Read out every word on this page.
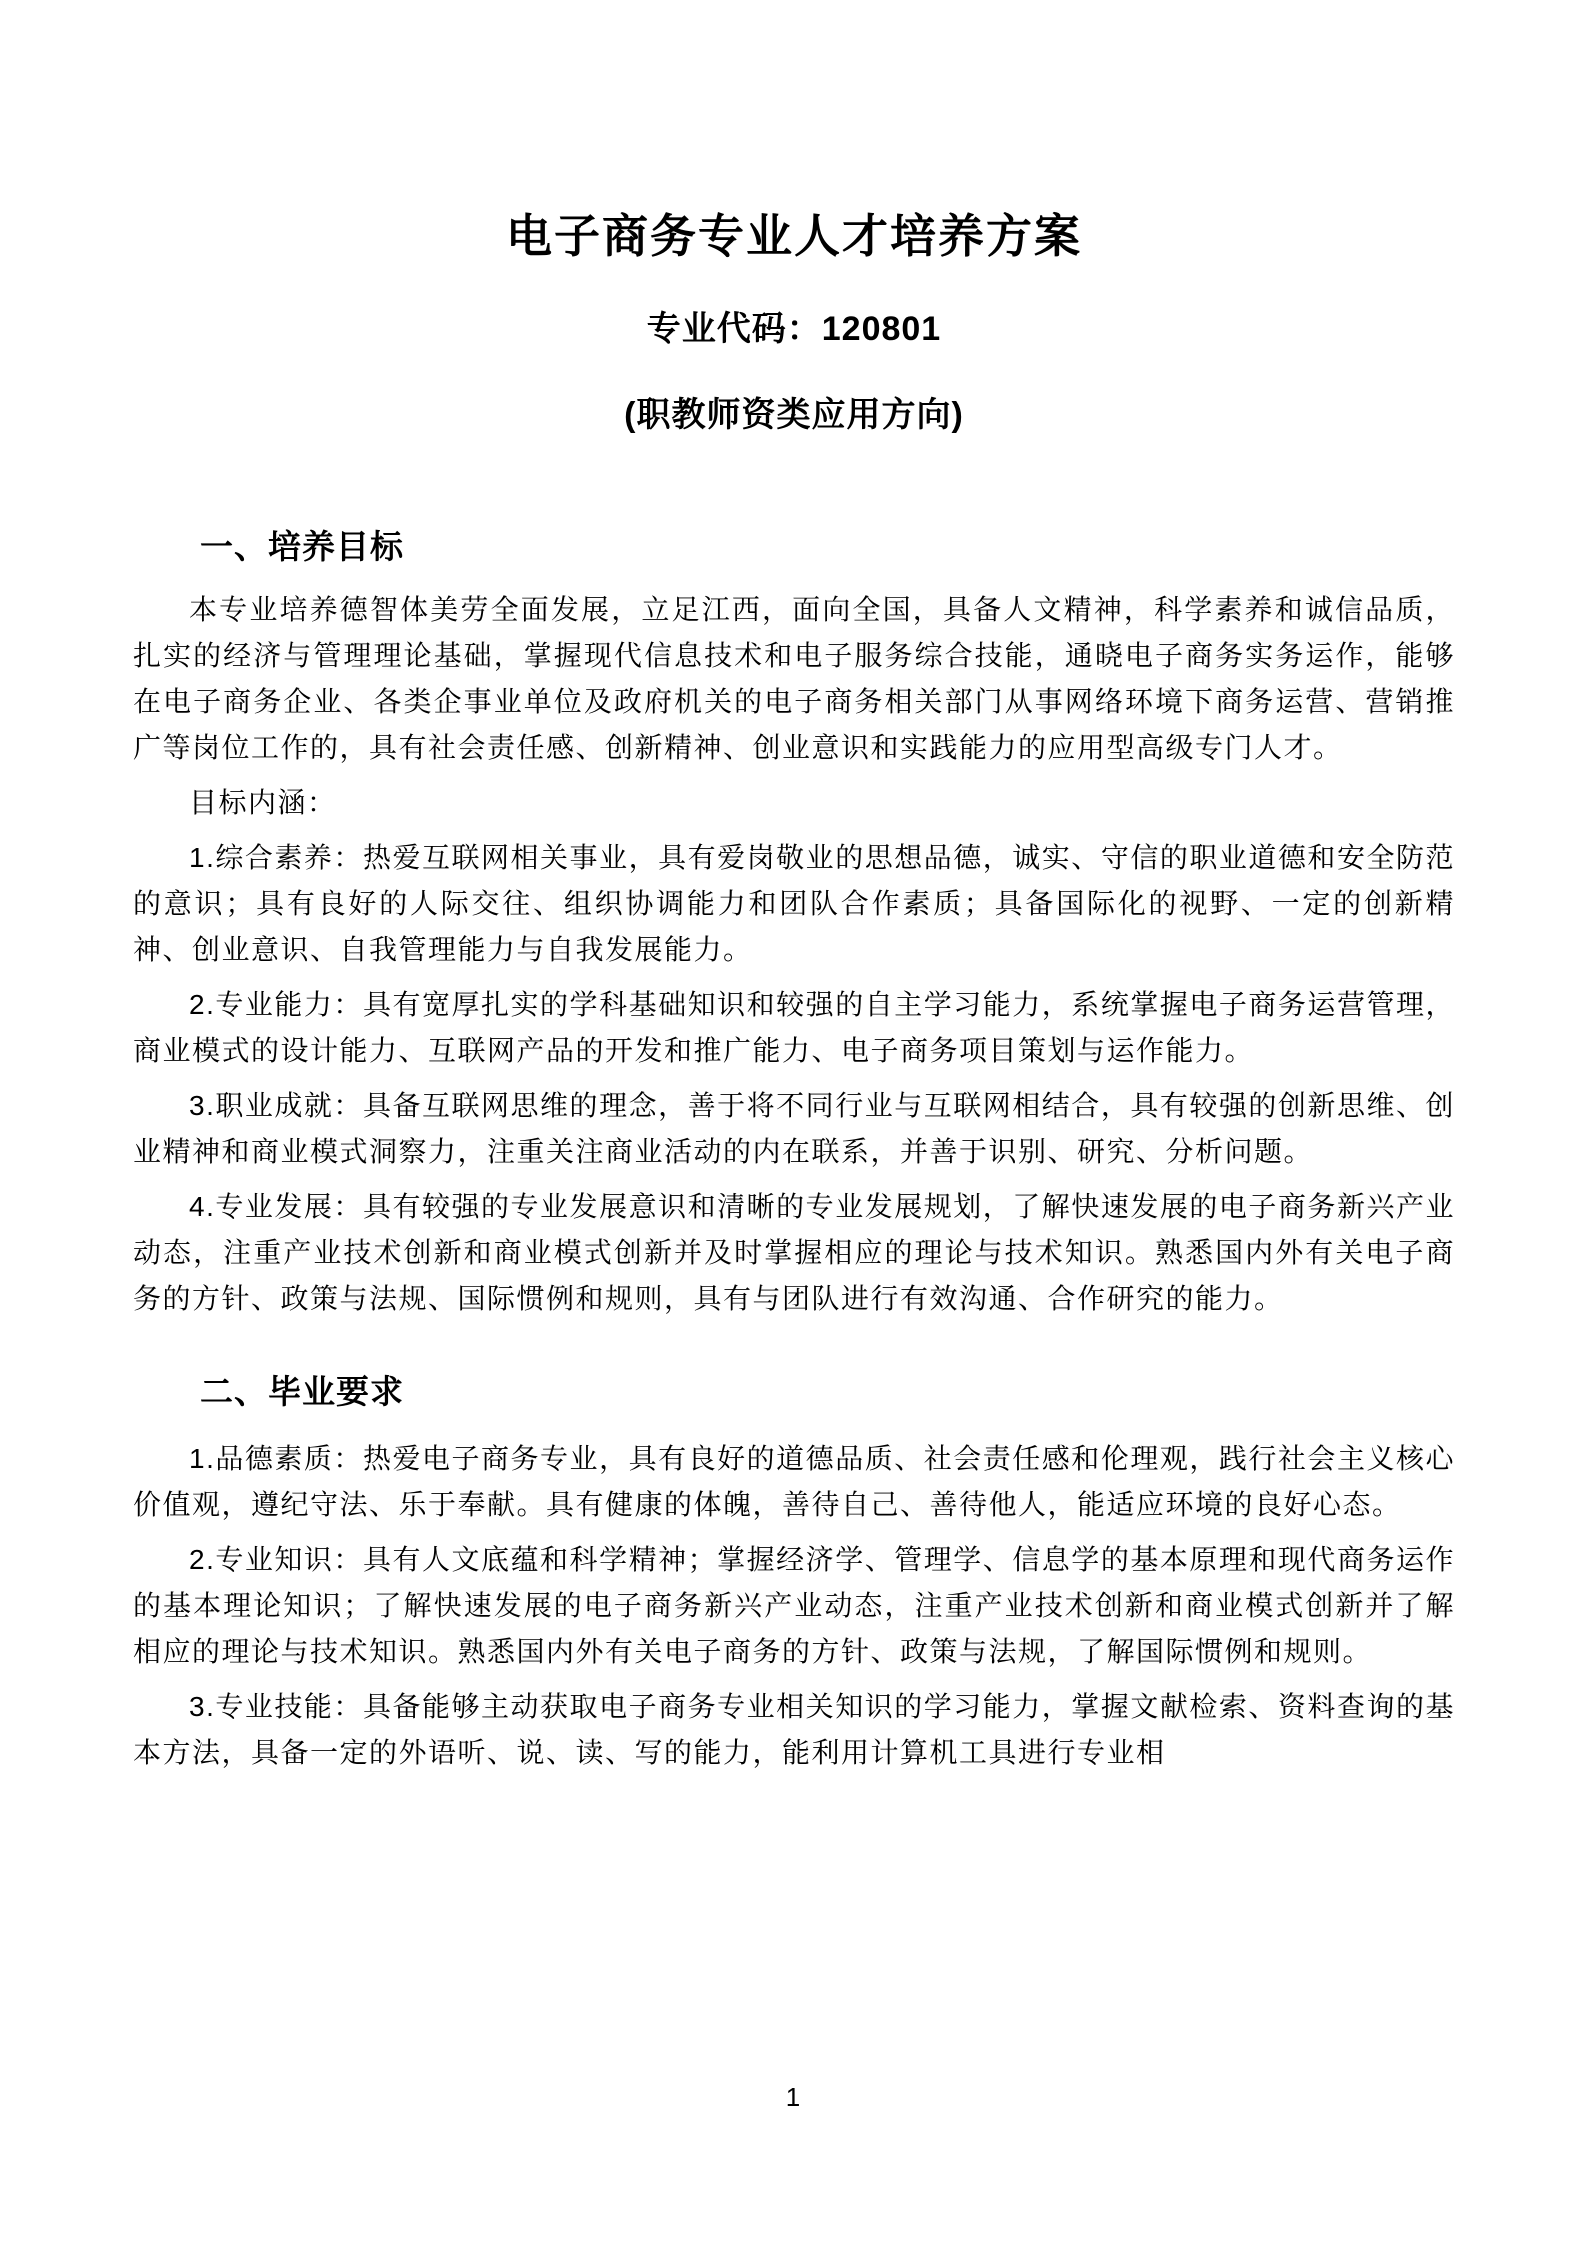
电子商务专业人才培养方案
专业代码：120801
(职教师资类应用方向)
一、培养目标

本专业培养德智体美劳全面发展，立足江西，面向全国，具备人文精神，科学素养和诚信品质，扎实的经济与管理理论基础，掌握现代信息技术和电子服务综合技能，通晓电子商务实务运作，能够在电子商务企业、各类企事业单位及政府机关的电子商务相关部门从事网络环境下商务运营、营销推广等岗位工作的，具有社会责任感、创新精神、创业意识和实践能力的应用型高级专门人才。

目标内涵：

1.综合素养：热爱互联网相关事业，具有爱岗敬业的思想品德，诚实、守信的职业道德和安全防范的意识；具有良好的人际交往、组织协调能力和团队合作素质；具备国际化的视野、一定的创新精神、创业意识、自我管理能力与自我发展能力。

2.专业能力：具有宽厚扎实的学科基础知识和较强的自主学习能力，系统掌握电子商务运营管理，商业模式的设计能力、互联网产品的开发和推广能力、电子商务项目策划与运作能力。

3.职业成就：具备互联网思维的理念，善于将不同行业与互联网相结合，具有较强的创新思维、创业精神和商业模式洞察力，注重关注商业活动的内在联系，并善于识别、研究、分析问题。

4.专业发展：具有较强的专业发展意识和清晰的专业发展规划，了解快速发展的电子商务新兴产业动态，注重产业技术创新和商业模式创新并及时掌握相应的理论与技术知识。熟悉国内外有关电子商务的方针、政策与法规、国际惯例和规则，具有与团队进行有效沟通、合作研究的能力。

二、毕业要求

1.品德素质：热爱电子商务专业，具有良好的道德品质、社会责任感和伦理观，践行社会主义核心价值观，遵纪守法、乐于奉献。具有健康的体魄，善待自己、善待他人，能适应环境的良好心态。

2.专业知识：具有人文底蕴和科学精神；掌握经济学、管理学、信息学的基本原理和现代商务运作的基本理论知识；了解快速发展的电子商务新兴产业动态，注重产业技术创新和商业模式创新并了解相应的理论与技术知识。熟悉国内外有关电子商务的方针、政策与法规，了解国际惯例和规则。

3.专业技能：具备能够主动获取电子商务专业相关知识的学习能力，掌握文献检索、资料查询的基本方法，具备一定的外语听、说、读、写的能力，能利用计算机工具进行专业相

1
